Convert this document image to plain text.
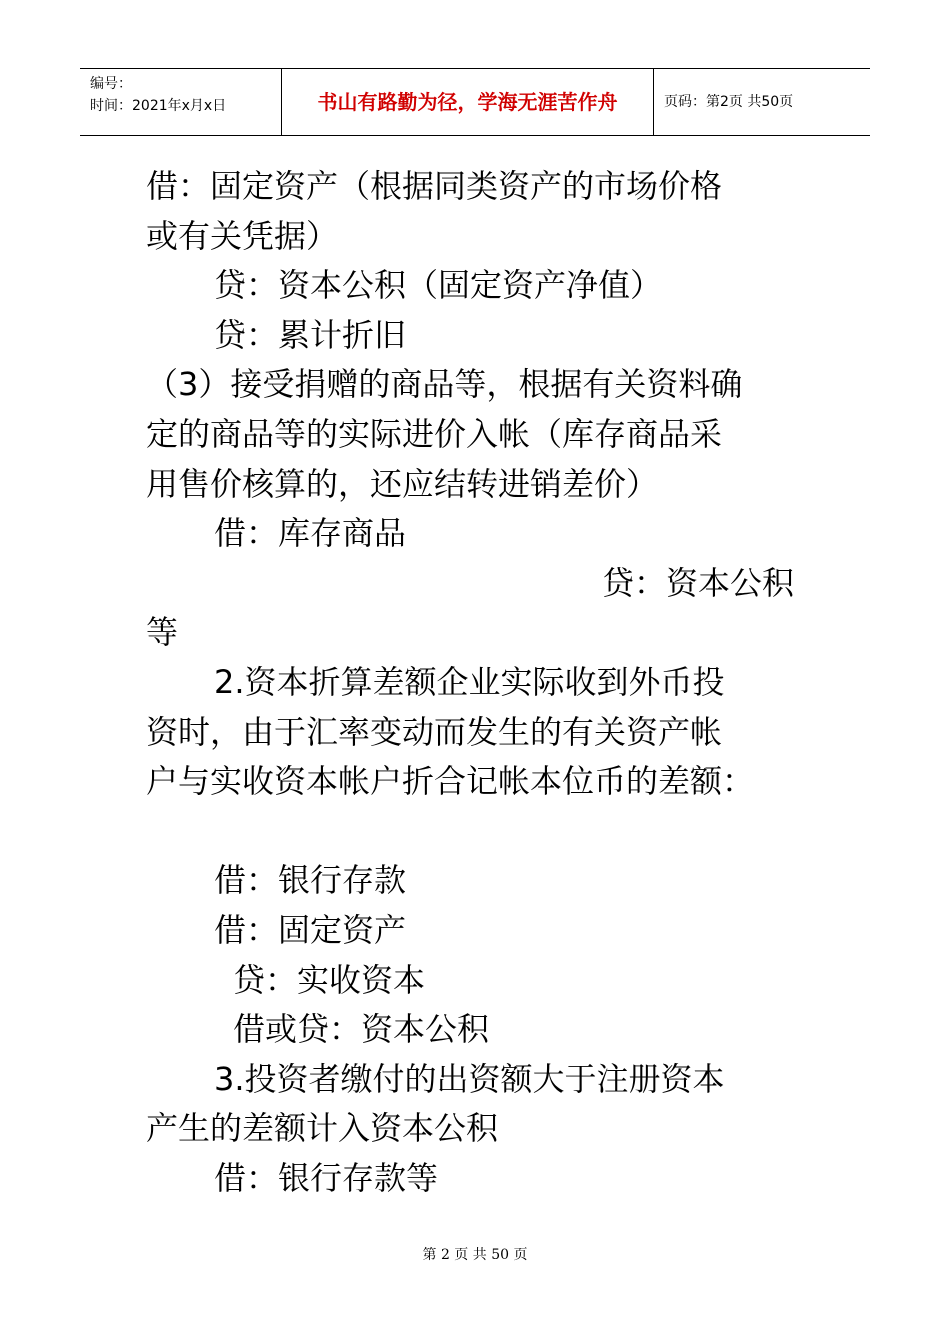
编号：
时间：2021年x月x日	书山有路勤为径，学海无涯苦作舟	页码：第2页 共50页

借：固定资产（根据同类资产的市场价格

或有关凭据）

贷：资本公积（固定资产净值）

贷：累计折旧

（3）接受捐赠的商品等，根据有关资料确

定的商品等的实际进价入帐（库存商品采

用售价核算的，还应结转进销差价）

借：库存商品

贷：资本公积

等

2.资本折算差额企业实际收到外币投

资时，由于汇率变动而发生的有关资产帐

户与实收资本帐户折合记帐本位币的差额：

借：银行存款

借：固定资产

贷：实收资本

借或贷：资本公积

3.投资者缴付的出资额大于注册资本

产生的差额计入资本公积

借：银行存款等

第 2 页 共 50 页
